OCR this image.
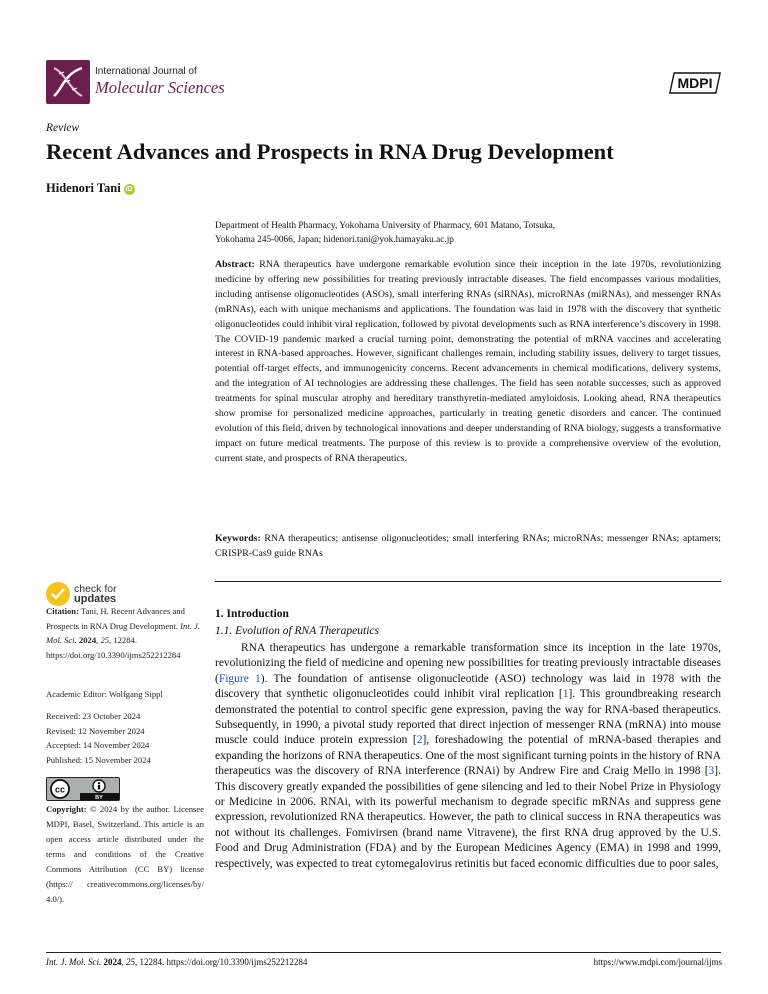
International Journal of
Molecular Sciences	MDPI
Review
Recent Advances and Prospects in RNA Drug Development
Hidenori Tani iD
Department of Health Pharmacy, Yokohama University of Pharmacy, 601 Matano, Totsuka,
Yokohama 245-0066, Japan; hidenori.tani@yok.hamayaku.ac.jp
Abstract: RNA therapeutics have undergone remarkable evolution since their inception in the late 1970s, revolutionizing medicine by offering new possibilities for treating previously intractable diseases. The field encompasses various modalities, including antisense oligonucleotides (ASOs), small interfering RNAs (siRNAs), microRNAs (miRNAs), and messenger RNAs (mRNAs), each with unique mechanisms and applications. The foundation was laid in 1978 with the discovery that synthetic oligonucleotides could inhibit viral replication, followed by pivotal developments such as RNA interference’s discovery in 1998. The COVID-19 pandemic marked a crucial turning point, demonstrating the potential of mRNA vaccines and accelerating interest in RNA-based approaches. However, significant challenges remain, including stability issues, delivery to target tissues, potential off-target effects, and immunogenicity concerns. Recent advancements in chemical modifications, delivery systems, and the integration of AI technologies are addressing these challenges. The field has seen notable successes, such as approved treatments for spinal muscular atrophy and hereditary transthyretin-mediated amyloidosis. Looking ahead, RNA therapeutics show promise for personalized medicine approaches, particularly in treating genetic disorders and cancer. The continued evolution of this field, driven by technological innovations and deeper understanding of RNA biology, suggests a transformative impact on future medical treatments. The purpose of this review is to provide a comprehensive overview of the evolution, current state, and prospects of RNA therapeutics.
Keywords: RNA therapeutics; antisense oligonucleotides; small interfering RNAs; microRNAs; messenger RNAs; aptamers; CRISPR-Cas9 guide RNAs
check for
updates
Citation: Tani, H. Recent Advances and Prospects in RNA Drug Development. Int. J. Mol. Sci. 2024, 25, 12284. https://doi.org/10.3390/ijms252212284
Academic Editor: Wolfgang Sippl
Received: 23 October 2024
Revised: 12 November 2024
Accepted: 14 November 2024
Published: 15 November 2024
cc
BY
Copyright: © 2024 by the author. Licensee MDPI, Basel, Switzerland. This article is an open access article distributed under the terms and conditions of the Creative Commons Attribution (CC BY) license (https:// creativecommons.org/licenses/by/ 4.0/).
1. Introduction
1.1. Evolution of RNA Therapeutics
RNA therapeutics has undergone a remarkable transformation since its inception in the late 1970s, revolutionizing the field of medicine and opening new possibilities for treating previously intractable diseases (Figure 1). The foundation of antisense oligonucleotide (ASO) technology was laid in 1978 with the discovery that synthetic oligonucleotides could inhibit viral replication [1]. This groundbreaking research demonstrated the potential to control specific gene expression, paving the way for RNA-based therapeutics. Subsequently, in 1990, a pivotal study reported that direct injection of messenger RNA (mRNA) into mouse muscle could induce protein expression [2], foreshadowing the potential of mRNA-based therapies and expanding the horizons of RNA therapeutics. One of the most significant turning points in the history of RNA therapeutics was the discovery of RNA interference (RNAi) by Andrew Fire and Craig Mello in 1998 [3]. This discovery greatly expanded the possibilities of gene silencing and led to their Nobel Prize in Physiology or Medicine in 2006. RNAi, with its powerful mechanism to degrade specific mRNAs and suppress gene expression, revolutionized RNA therapeutics. However, the path to clinical success in RNA therapeutics was not without its challenges. Fomivirsen (brand name Vitravene), the first RNA drug approved by the U.S. Food and Drug Administration (FDA) and by the European Medicines Agency (EMA) in 1998 and 1999, respectively, was expected to treat cytomegalovirus retinitis but faced economic difficulties due to poor sales,
Int. J. Mol. Sci. 2024, 25, 12284. https://doi.org/10.3390/ijms252212284	https://www.mdpi.com/journal/ijms
